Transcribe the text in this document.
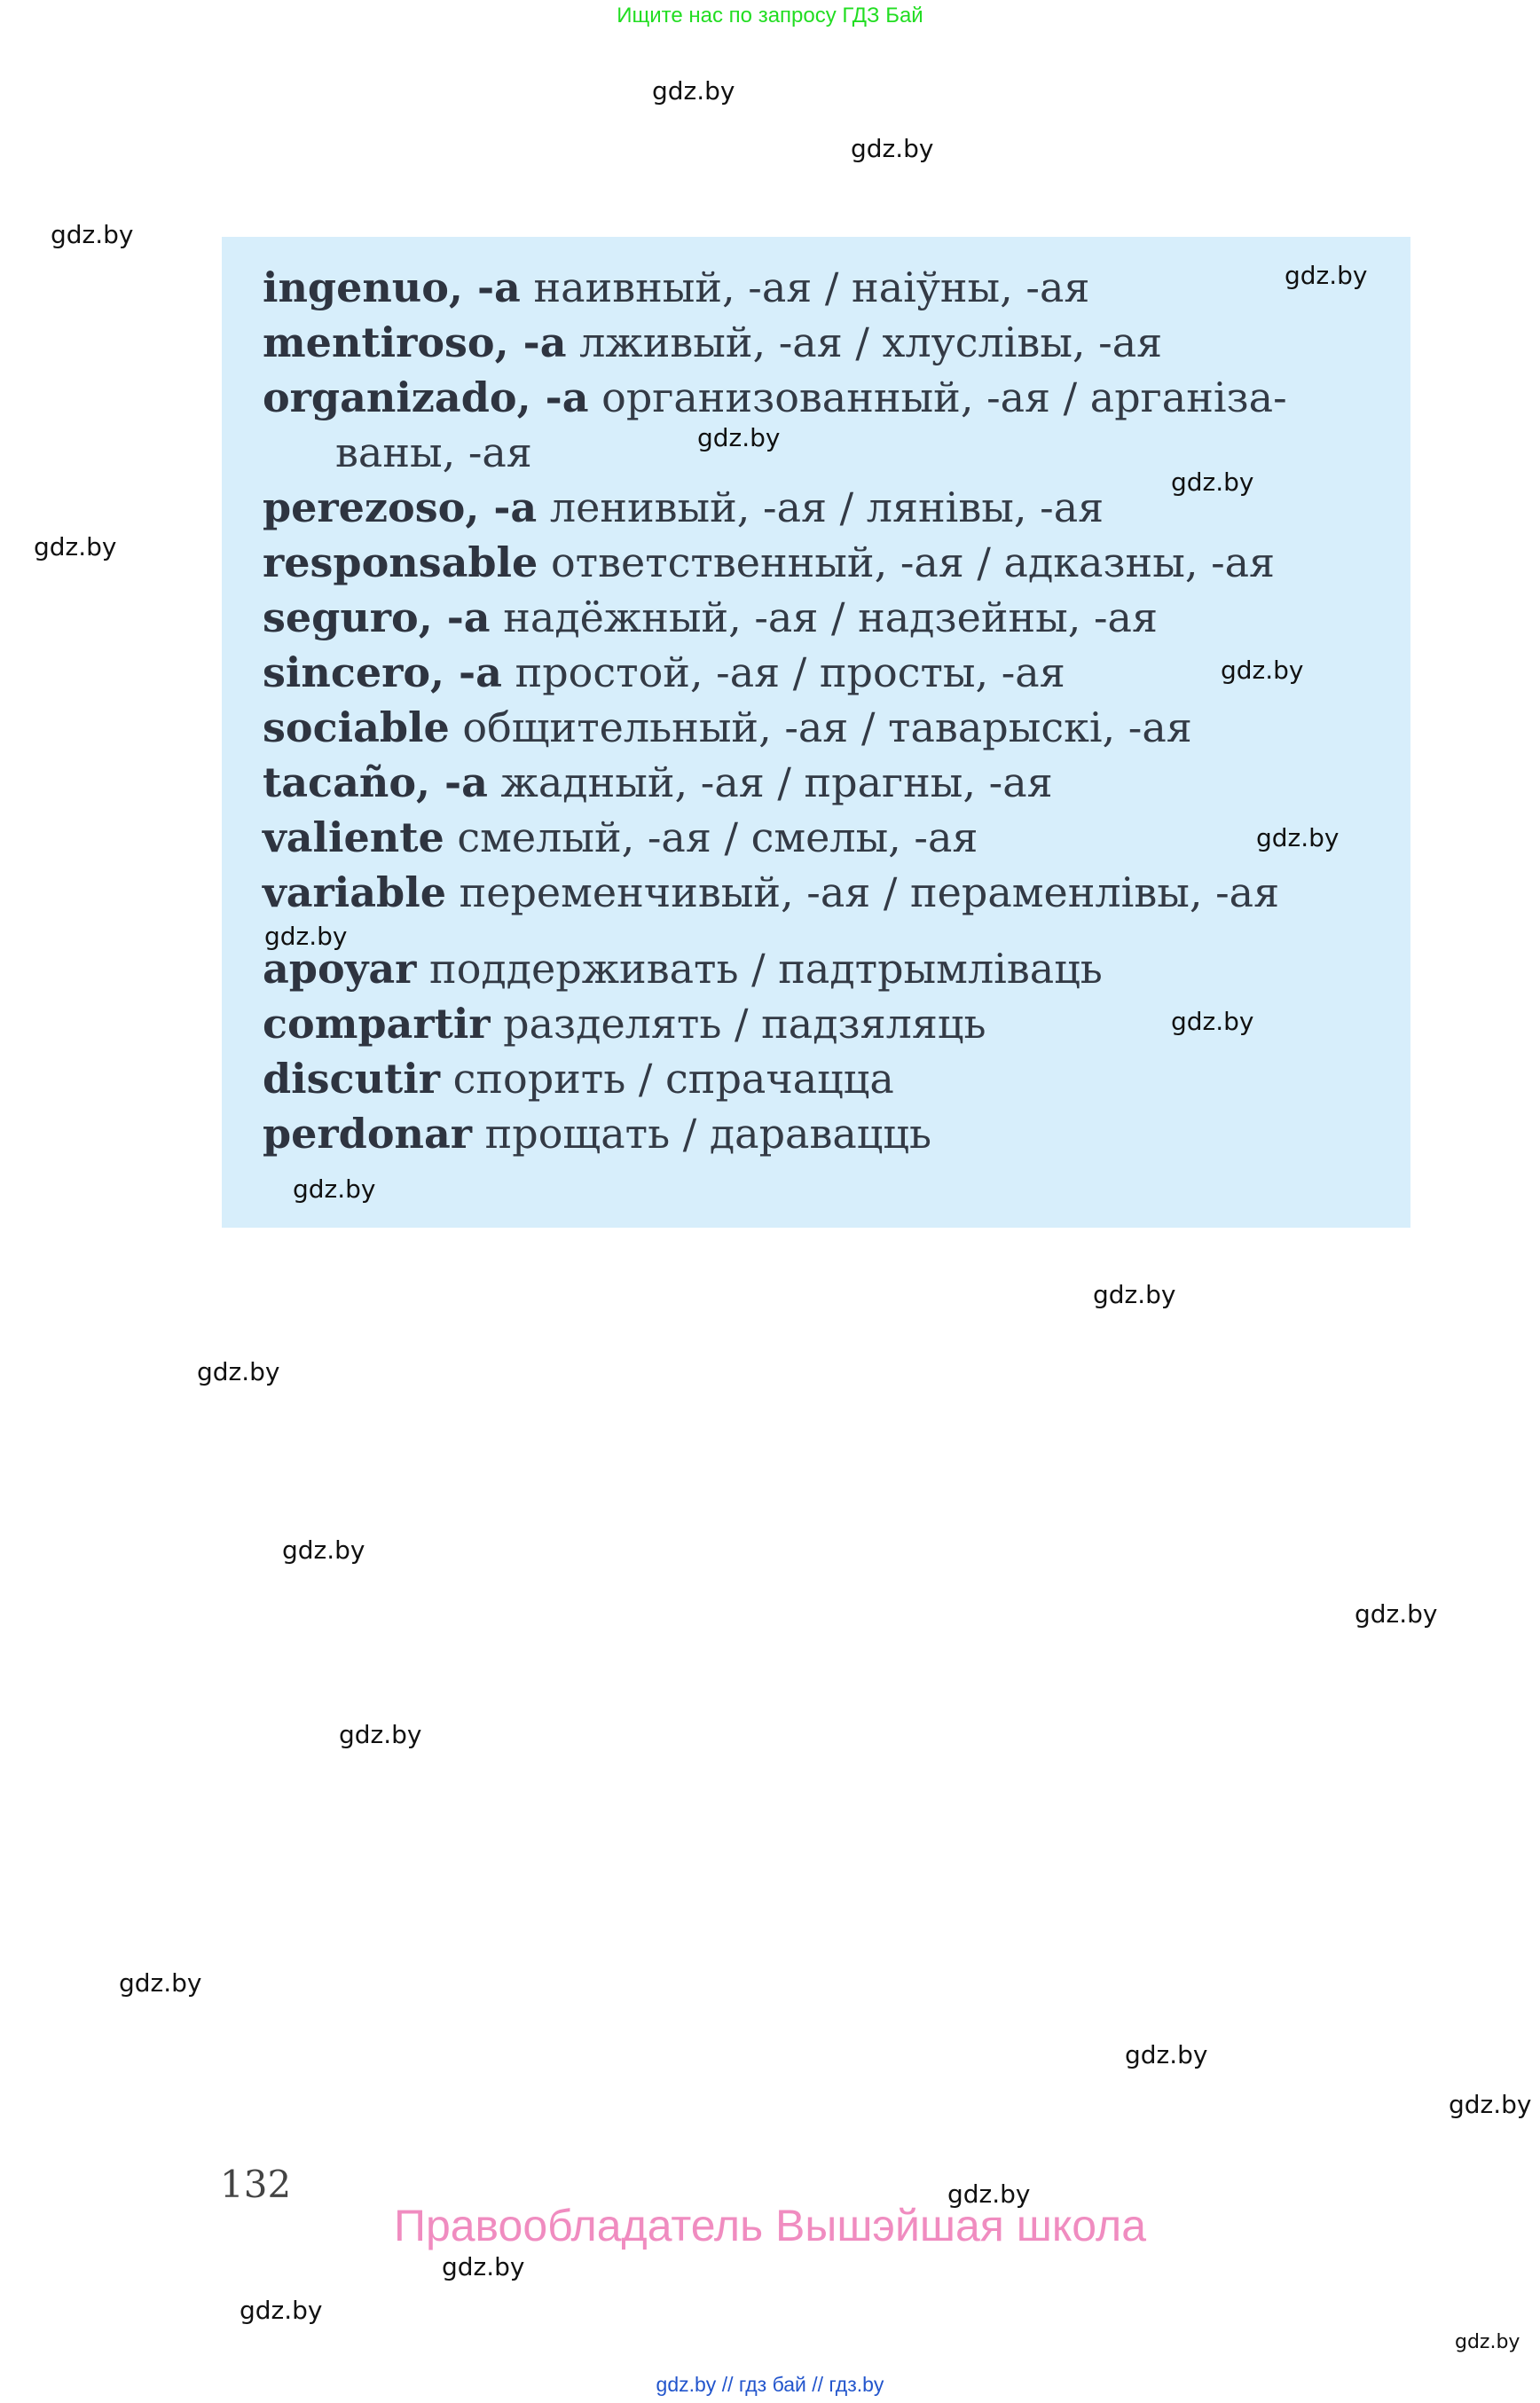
Ищите нас по запросу ГДЗ Бай
gdz.by
gdz.by
gdz.by
gdz.by
gdz.by
gdz.by
gdz.by
gdz.by
gdz.by
gdz.by
gdz.by
gdz.by
gdz.by
gdz.by
gdz.by
gdz.by
ingenuo, -a наивный, -ая / наіўны, -ая
mentiroso, -a лживый, -ая / хлуслівы, -ая
organizado, -a организованный, -ая / арганіза-
ваны, -ая
perezoso, -a ленивый, -ая / лянівы, -ая
responsable ответственный, -ая / адказны, -ая
seguro, -a надёжный, -ая / надзейны, -ая
sincero, -a простой, -ая / просты, -ая
sociable общительный, -ая / таварыскі, -ая
tacaño, -a жадный, -ая / прагны, -ая
valiente смелый, -ая / смелы, -ая
variable переменчивый, -ая / пераменлівы, -ая
apoyar поддерживать / падтрымліваць
compartir разделять / падзяляць
discutir спорить / спрачацца
perdonar прощать / даравацць
gdz.by
gdz.by
gdz.by
gdz.by
gdz.by
gdz.by
gdz.by
gdz.by
132
Правообладатель Вышэйшая школа
gdz.by // гдз бай // гдз.by
